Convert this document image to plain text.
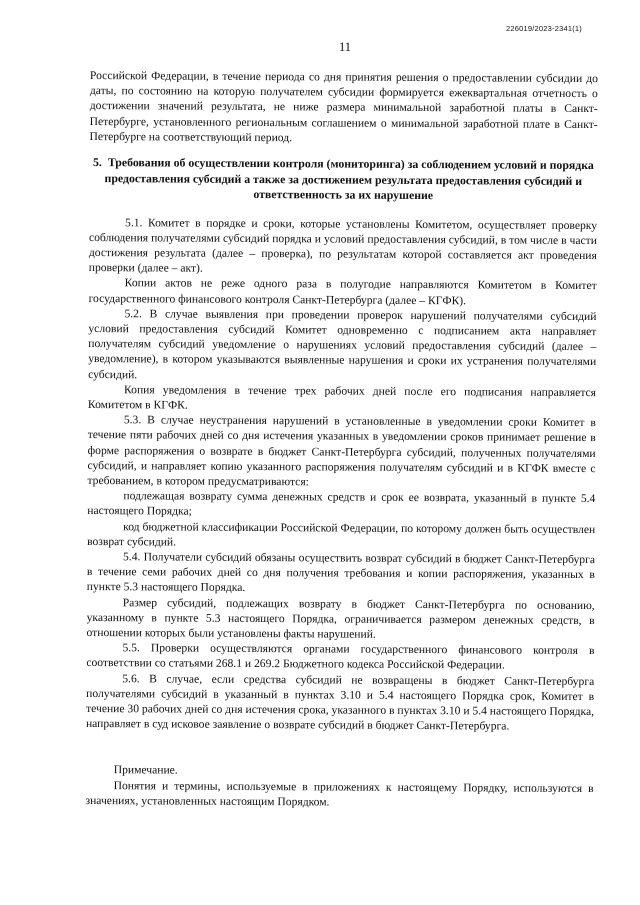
226019/2023-2341(1)
11

Российской Федерации, в течение периода со дня принятия решения о предоставлении субсидии до даты, по состоянию на которую получателем субсидии формируется ежеквартальная отчетность о достижении значений результата, не ниже размера минимальной заработной платы в Санкт-Петербурге, установленного региональным соглашением о минимальной заработной плате в Санкт-Петербурге на соответствующий период.

5. Требования об осуществлении контроля (мониторинга) за соблюдением условий и порядка предоставления субсидий а также за достижением результата предоставления субсидий и ответственность за их нарушение

5.1. Комитет в порядке и сроки, которые установлены Комитетом, осуществляет проверку соблюдения получателями субсидий порядка и условий предоставления субсидий, в том числе в части достижения результата (далее – проверка), по результатам которой составляется акт проведения проверки (далее – акт).

Копии актов не реже одного раза в полугодие направляются Комитетом в Комитет государственного финансового контроля Санкт-Петербурга (далее – КГФК).

5.2. В случае выявления при проведении проверок нарушений получателями субсидий условий предоставления субсидий Комитет одновременно с подписанием акта направляет получателям субсидий уведомление о нарушениях условий предоставления субсидий (далее – уведомление), в котором указываются выявленные нарушения и сроки их устранения получателями субсидий.

Копия уведомления в течение трех рабочих дней после его подписания направляется Комитетом в КГФК.

5.3. В случае неустранения нарушений в установленные в уведомлении сроки Комитет в течение пяти рабочих дней со дня истечения указанных в уведомлении сроков принимает решение в форме распоряжения о возврате в бюджет Санкт-Петербурга субсидий, полученных получателями субсидий, и направляет копию указанного распоряжения получателям субсидий и в КГФК вместе с требованием, в котором предусматриваются:

подлежащая возврату сумма денежных средств и срок ее возврата, указанный в пункте 5.4 настоящего Порядка;

код бюджетной классификации Российской Федерации, по которому должен быть осуществлен возврат субсидий.

5.4. Получатели субсидий обязаны осуществить возврат субсидий в бюджет Санкт-Петербурга в течение семи рабочих дней со дня получения требования и копии распоряжения, указанных в пункте 5.3 настоящего Порядка.

Размер субсидий, подлежащих возврату в бюджет Санкт-Петербурга по основанию, указанному в пункте 5.3 настоящего Порядка, ограничивается размером денежных средств, в отношении которых были установлены факты нарушений.

5.5. Проверки осуществляются органами государственного финансового контроля в соответствии со статьями 268.1 и 269.2 Бюджетного кодекса Российской Федерации.

5.6. В случае, если средства субсидий не возвращены в бюджет Санкт-Петербурга получателями субсидий в указанный в пунктах 3.10 и 5.4 настоящего Порядка срок, Комитет в течение 30 рабочих дней со дня истечения срока, указанного в пунктах 3.10 и 5.4 настоящего Порядка, направляет в суд исковое заявление о возврате субсидий в бюджет Санкт-Петербурга.

Примечание.

Понятия и термины, используемые в приложениях к настоящему Порядку, используются в значениях, установленных настоящим Порядком.
